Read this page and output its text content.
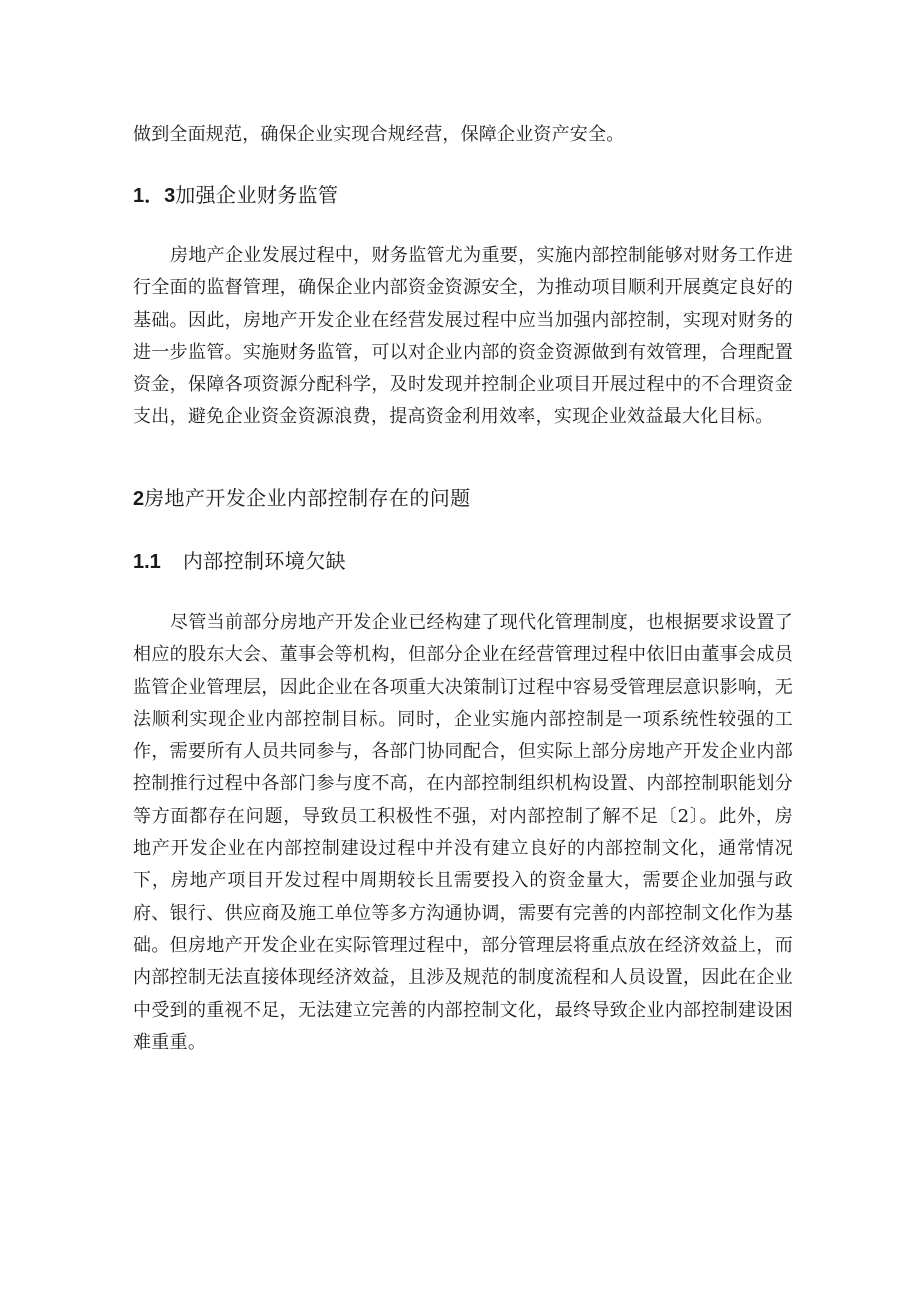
做到全面规范，确保企业实现合规经营，保障企业资产安全。
1．3加强企业财务监管
房地产企业发展过程中，财务监管尤为重要，实施内部控制能够对财务工作进行全面的监督管理，确保企业内部资金资源安全，为推动项目顺利开展奠定良好的基础。因此，房地产开发企业在经营发展过程中应当加强内部控制，实现对财务的进一步监管。实施财务监管，可以对企业内部的资金资源做到有效管理，合理配置资金，保障各项资源分配科学，及时发现并控制企业项目开展过程中的不合理资金支出，避免企业资金资源浪费，提高资金利用效率，实现企业效益最大化目标。
2房地产开发企业内部控制存在的问题
1.1 内部控制环境欠缺
尽管当前部分房地产开发企业已经构建了现代化管理制度，也根据要求设置了相应的股东大会、董事会等机构，但部分企业在经营管理过程中依旧由董事会成员监管企业管理层，因此企业在各项重大决策制订过程中容易受管理层意识影响，无法顺利实现企业内部控制目标。同时，企业实施内部控制是一项系统性较强的工作，需要所有人员共同参与，各部门协同配合，但实际上部分房地产开发企业内部控制推行过程中各部门参与度不高，在内部控制组织机构设置、内部控制职能划分等方面都存在问题，导致员工积极性不强，对内部控制了解不足〔2〕。此外，房地产开发企业在内部控制建设过程中并没有建立良好的内部控制文化，通常情况下，房地产项目开发过程中周期较长且需要投入的资金量大，需要企业加强与政府、银行、供应商及施工单位等多方沟通协调，需要有完善的内部控制文化作为基础。但房地产开发企业在实际管理过程中，部分管理层将重点放在经济效益上，而内部控制无法直接体现经济效益，且涉及规范的制度流程和人员设置，因此在企业中受到的重视不足，无法建立完善的内部控制文化，最终导致企业内部控制建设困难重重。
